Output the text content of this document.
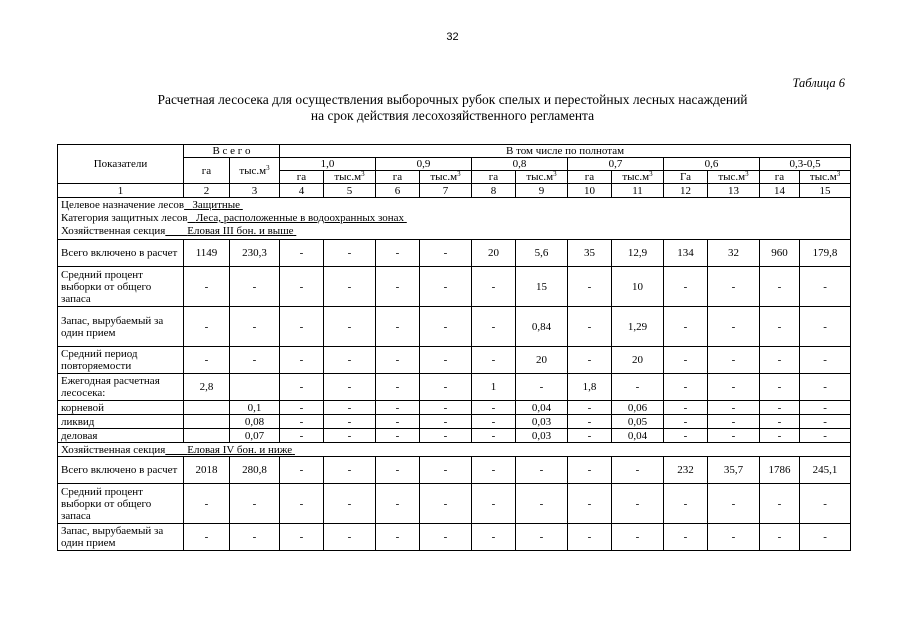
32
Таблица 6
Расчетная лесосека для осуществления выборочных рубок спелых и перестойных лесных насаждений
на срок действия лесохозяйственного регламента
Показатели	В с е г о		В том числе по полнотам											
	га	$тыс.м^3$	1,0		0,9		0,8		0,7		0,6		0,3-0,5	
			га	$тыс.м^3$	га	$тыс.м^3$	га	$тыс.м^3$	га	$тыс.м^3$	Га	$тыс.м^3$	га	$тыс.м^3$
1	2	3	4	5	6	7	8	9	10	11	12	13	14	15

Целевое назначение лесов Защитные
Категория защитных лесов Леса, расположенные в водоохранных зонах
Хозяйственная секция Еловая III бон. и выше														

Всего включено в расчет	1149	230,3	-	-	-	-	20	5,6	35	12,9	134	32	960	179,8
Средний процент выборки от общего запаса	-	-	-	-	-	-	-	15	-	10	-	-	-	-
Запас, вырубаемый за один прием	-	-	-	-	-	-	-	0,84	-	1,29	-	-	-	-
Средний период повторяемости	-	-	-	-	-	-	-	20	-	20	-	-	-	-
Ежегодная расчетная лесосека:	2,8		-	-	-	-	1	-	1,8	-	-	-	-	-
корневой		0,1	-	-	-	-	-	0,04	-	0,06	-	-	-	-
ликвид		0,08	-	-	-	-	-	0,03	-	0,05	-	-	-	-
деловая		0,07	-	-	-	-	-	0,03	-	0,04	-	-	-	-
Хозяйственная секция Еловая IV бон. и ниже														
Всего включено в расчет	2018	280,8	-	-	-	-	-	-	-	-	232	35,7	1786	245,1
Средний процент выборки от общего запаса	-	-	-	-	-	-	-	-	-	-	-	-	-	-
Запас, вырубаемый за один прием	-	-	-	-	-	-	-	-	-	-	-	-	-	-
